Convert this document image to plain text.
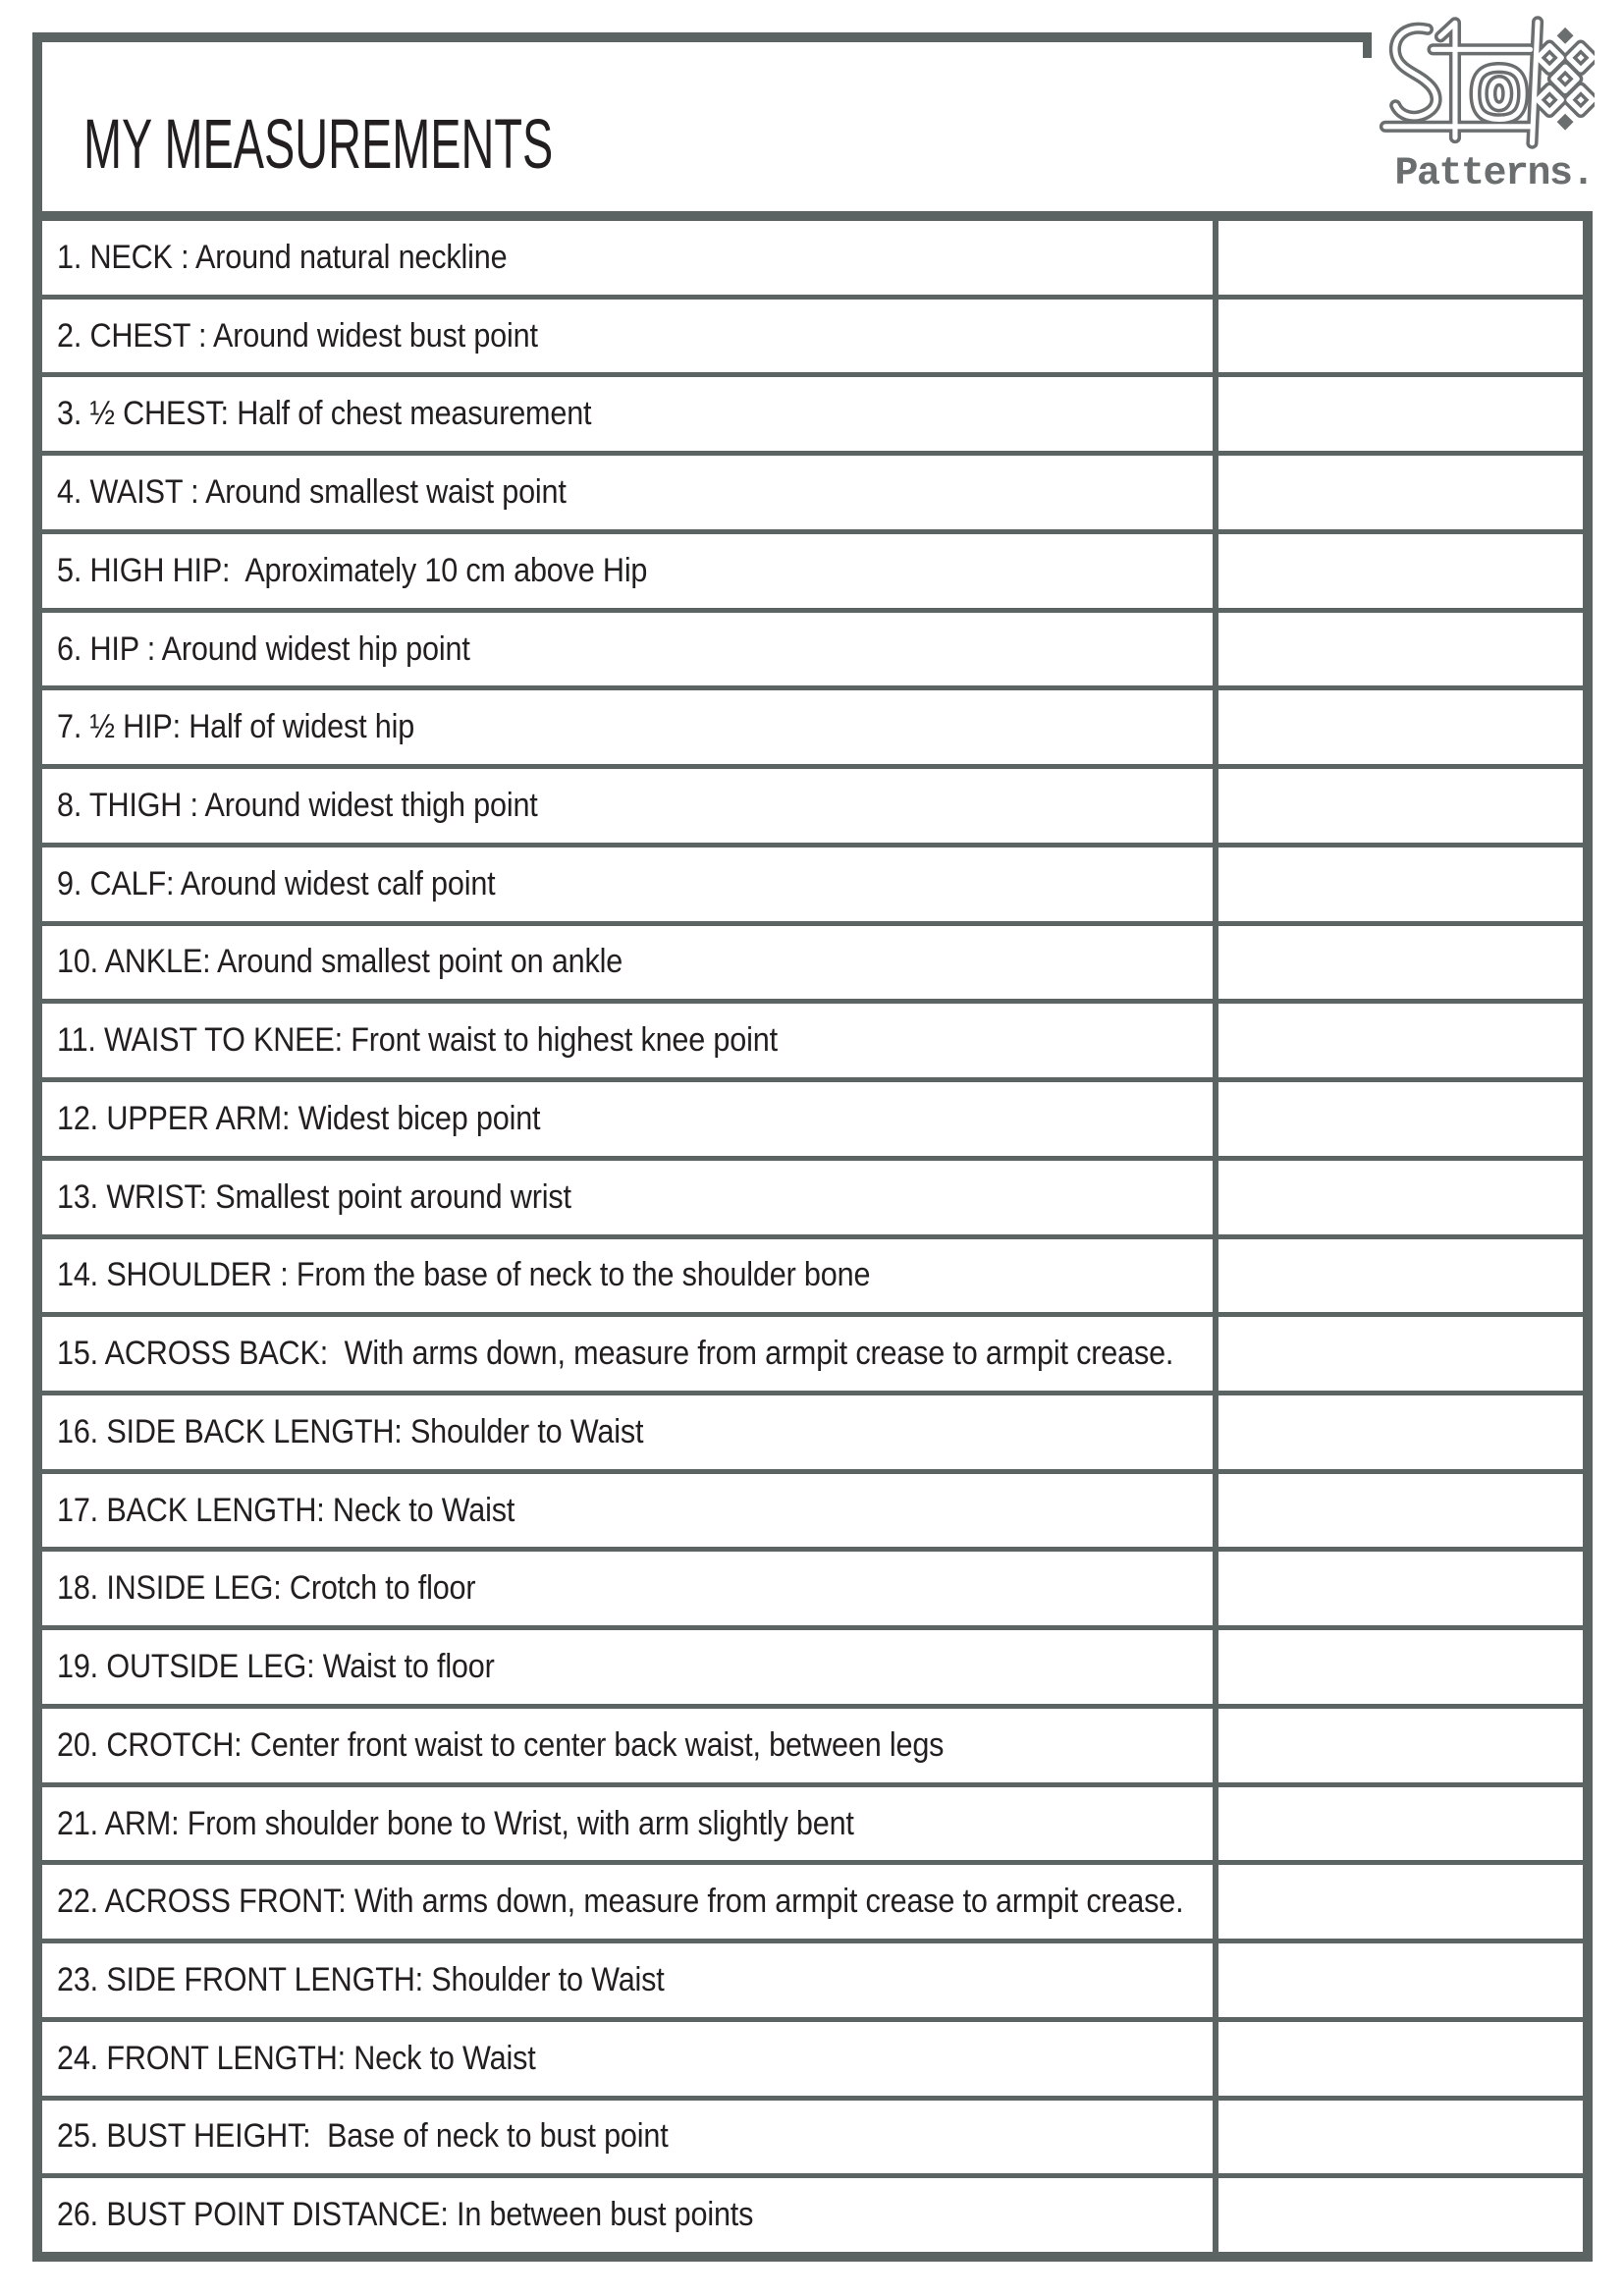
MY MEASUREMENTS	Patterns.
1. NECK : Around natural neckline
2. CHEST : Around widest bust point
3. ½ CHEST: Half of chest measurement
4. WAIST : Around smallest waist point
5. HIGH HIP:  Aproximately 10 cm above Hip
6. HIP : Around widest hip point
7. ½ HIP: Half of widest hip
8. THIGH : Around widest thigh point
9. CALF: Around widest calf point
10. ANKLE: Around smallest point on ankle
11. WAIST TO KNEE: Front waist to highest knee point
12. UPPER ARM: Widest bicep point
13. WRIST: Smallest point around wrist
14. SHOULDER : From the base of neck to the shoulder bone
15. ACROSS BACK:  With arms down, measure from armpit crease to armpit crease.
16. SIDE BACK LENGTH: Shoulder to Waist
17. BACK LENGTH: Neck to Waist
18. INSIDE LEG: Crotch to floor
19. OUTSIDE LEG: Waist to floor
20. CROTCH: Center front waist to center back waist, between legs
21. ARM: From shoulder bone to Wrist, with arm slightly bent
22. ACROSS FRONT: With arms down, measure from armpit crease to armpit crease.
23. SIDE FRONT LENGTH: Shoulder to Waist
24. FRONT LENGTH: Neck to Waist
25. BUST HEIGHT:  Base of neck to bust point
26. BUST POINT DISTANCE: In between bust points
